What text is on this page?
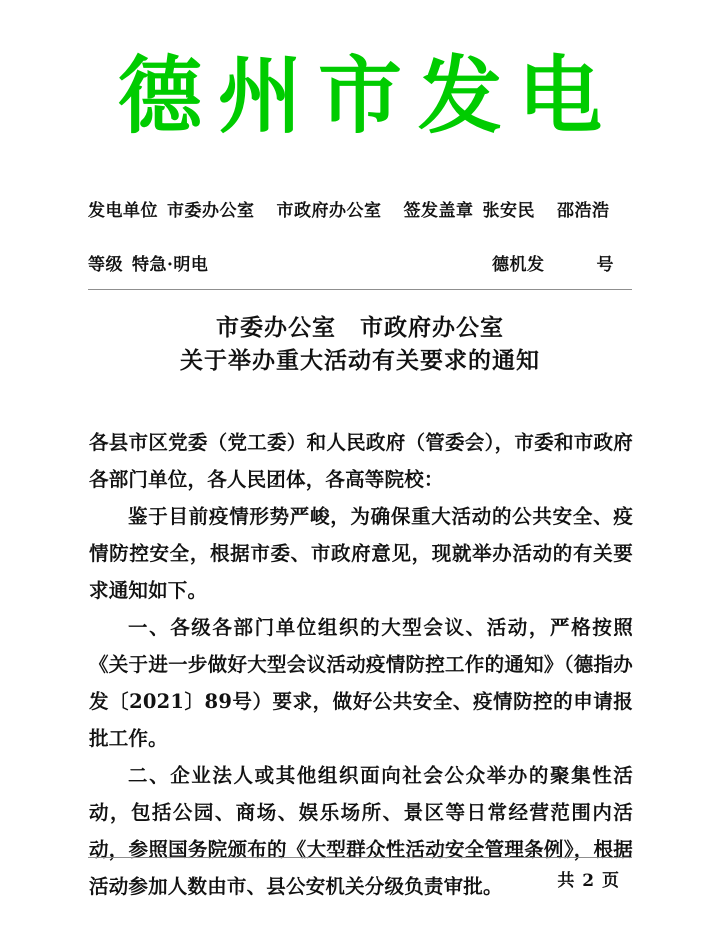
德州市发电
发电单位 市委办公室 市政府办公室 签发盖章 张安民 邵浩浩
等级 特急·明电	德机发	号
市委办公室　市政府办公室
关于举办重大活动有关要求的通知

各县市区党委（党工委）和人民政府（管委会），市委和市政府各部门单位，各人民团体，各高等院校：

鉴于目前疫情形势严峻，为确保重大活动的公共安全、疫情防控安全，根据市委、市政府意见，现就举办活动的有关要求通知如下。

一、各级各部门单位组织的大型会议、活动，严格按照《关于进一步做好大型会议活动疫情防控工作的通知》（德指办发〔2021〕89号）要求，做好公共安全、疫情防控的申请报批工作。

二、企业法人或其他组织面向社会公众举办的聚集性活动，包括公园、商场、娱乐场所、景区等日常经营范围内活动，参照国务院颁布的《大型群众性活动安全管理条例》，根据活动参加人数由市、县公安机关分级负责审批。	共 2 页
